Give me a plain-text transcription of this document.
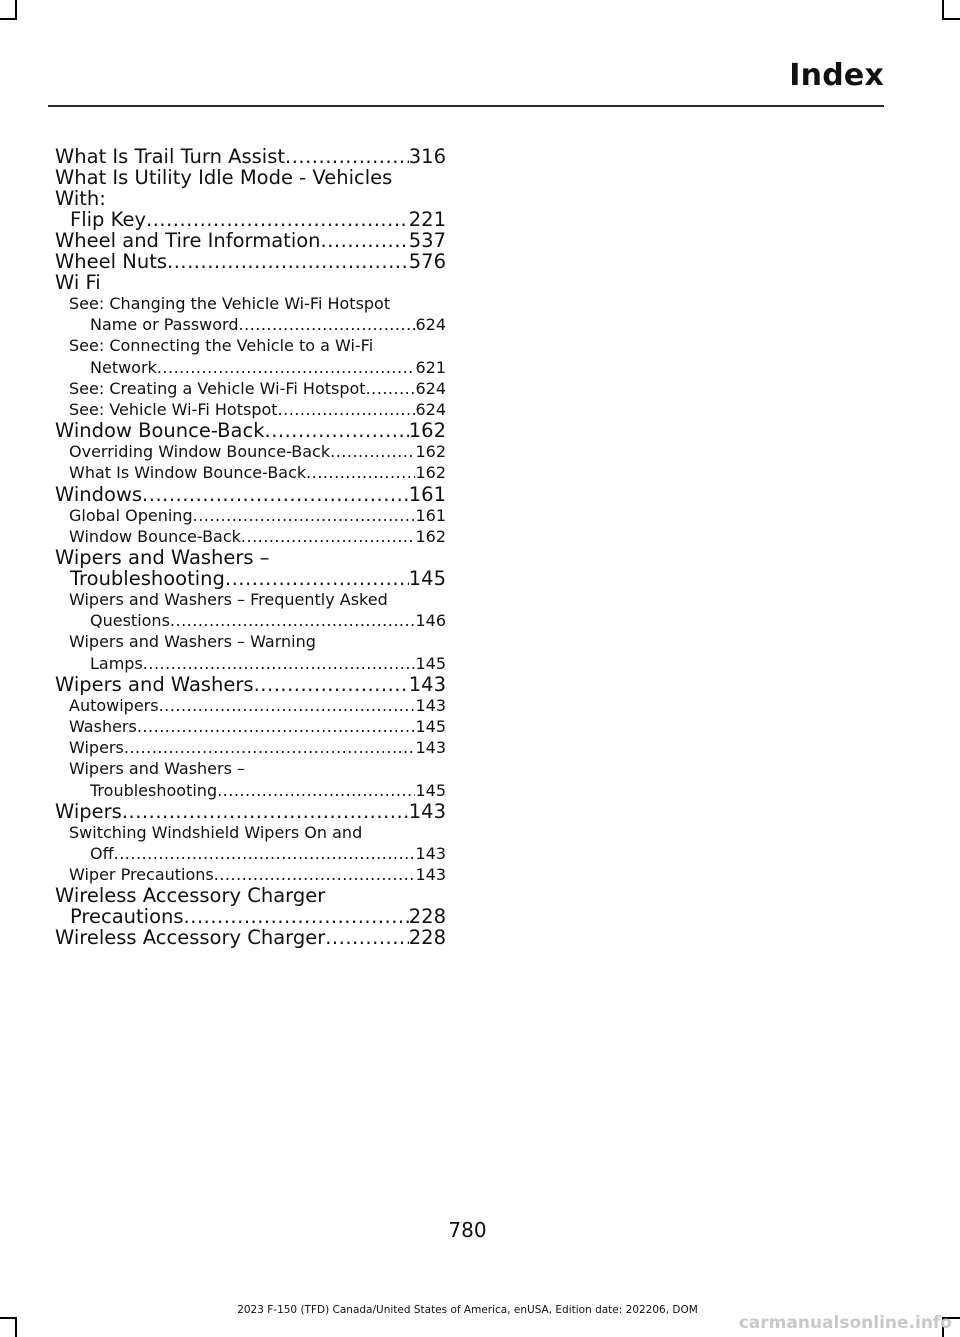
Index
What Is Trail Turn Assist .....	316
What Is Utility Idle Mode - Vehicles With:
Flip Key .....	221
Wheel and Tire Information .....	537
Wheel Nuts .....	576
Wi Fi
See: Changing the Vehicle Wi-Fi Hotspot
Name or Password .....	624
See: Connecting the Vehicle to a Wi-Fi
Network .....	621
See: Creating a Vehicle Wi-Fi Hotspot .....	624
See: Vehicle Wi-Fi Hotspot .....	624
Window Bounce-Back .....	162
Overriding Window Bounce-Back .....	162
What Is Window Bounce-Back .....	162
Windows .....	161
Global Opening .....	161
Window Bounce-Back .....	162
Wipers and Washers –
Troubleshooting .....	145
Wipers and Washers – Frequently Asked
Questions .....	146
Wipers and Washers – Warning
Lamps .....	145
Wipers and Washers .....	143
Autowipers .....	143
Washers .....	145
Wipers .....	143
Wipers and Washers –
Troubleshooting .....	145
Wipers .....	143
Switching Windshield Wipers On and
Off .....	143
Wiper Precautions .....	143
Wireless Accessory Charger
Precautions .....	228
Wireless Accessory Charger .....	228
780
2023 F-150 (TFD) Canada/United States of America, enUSA, Edition date: 202206, DOM
carmanualsonline.info
